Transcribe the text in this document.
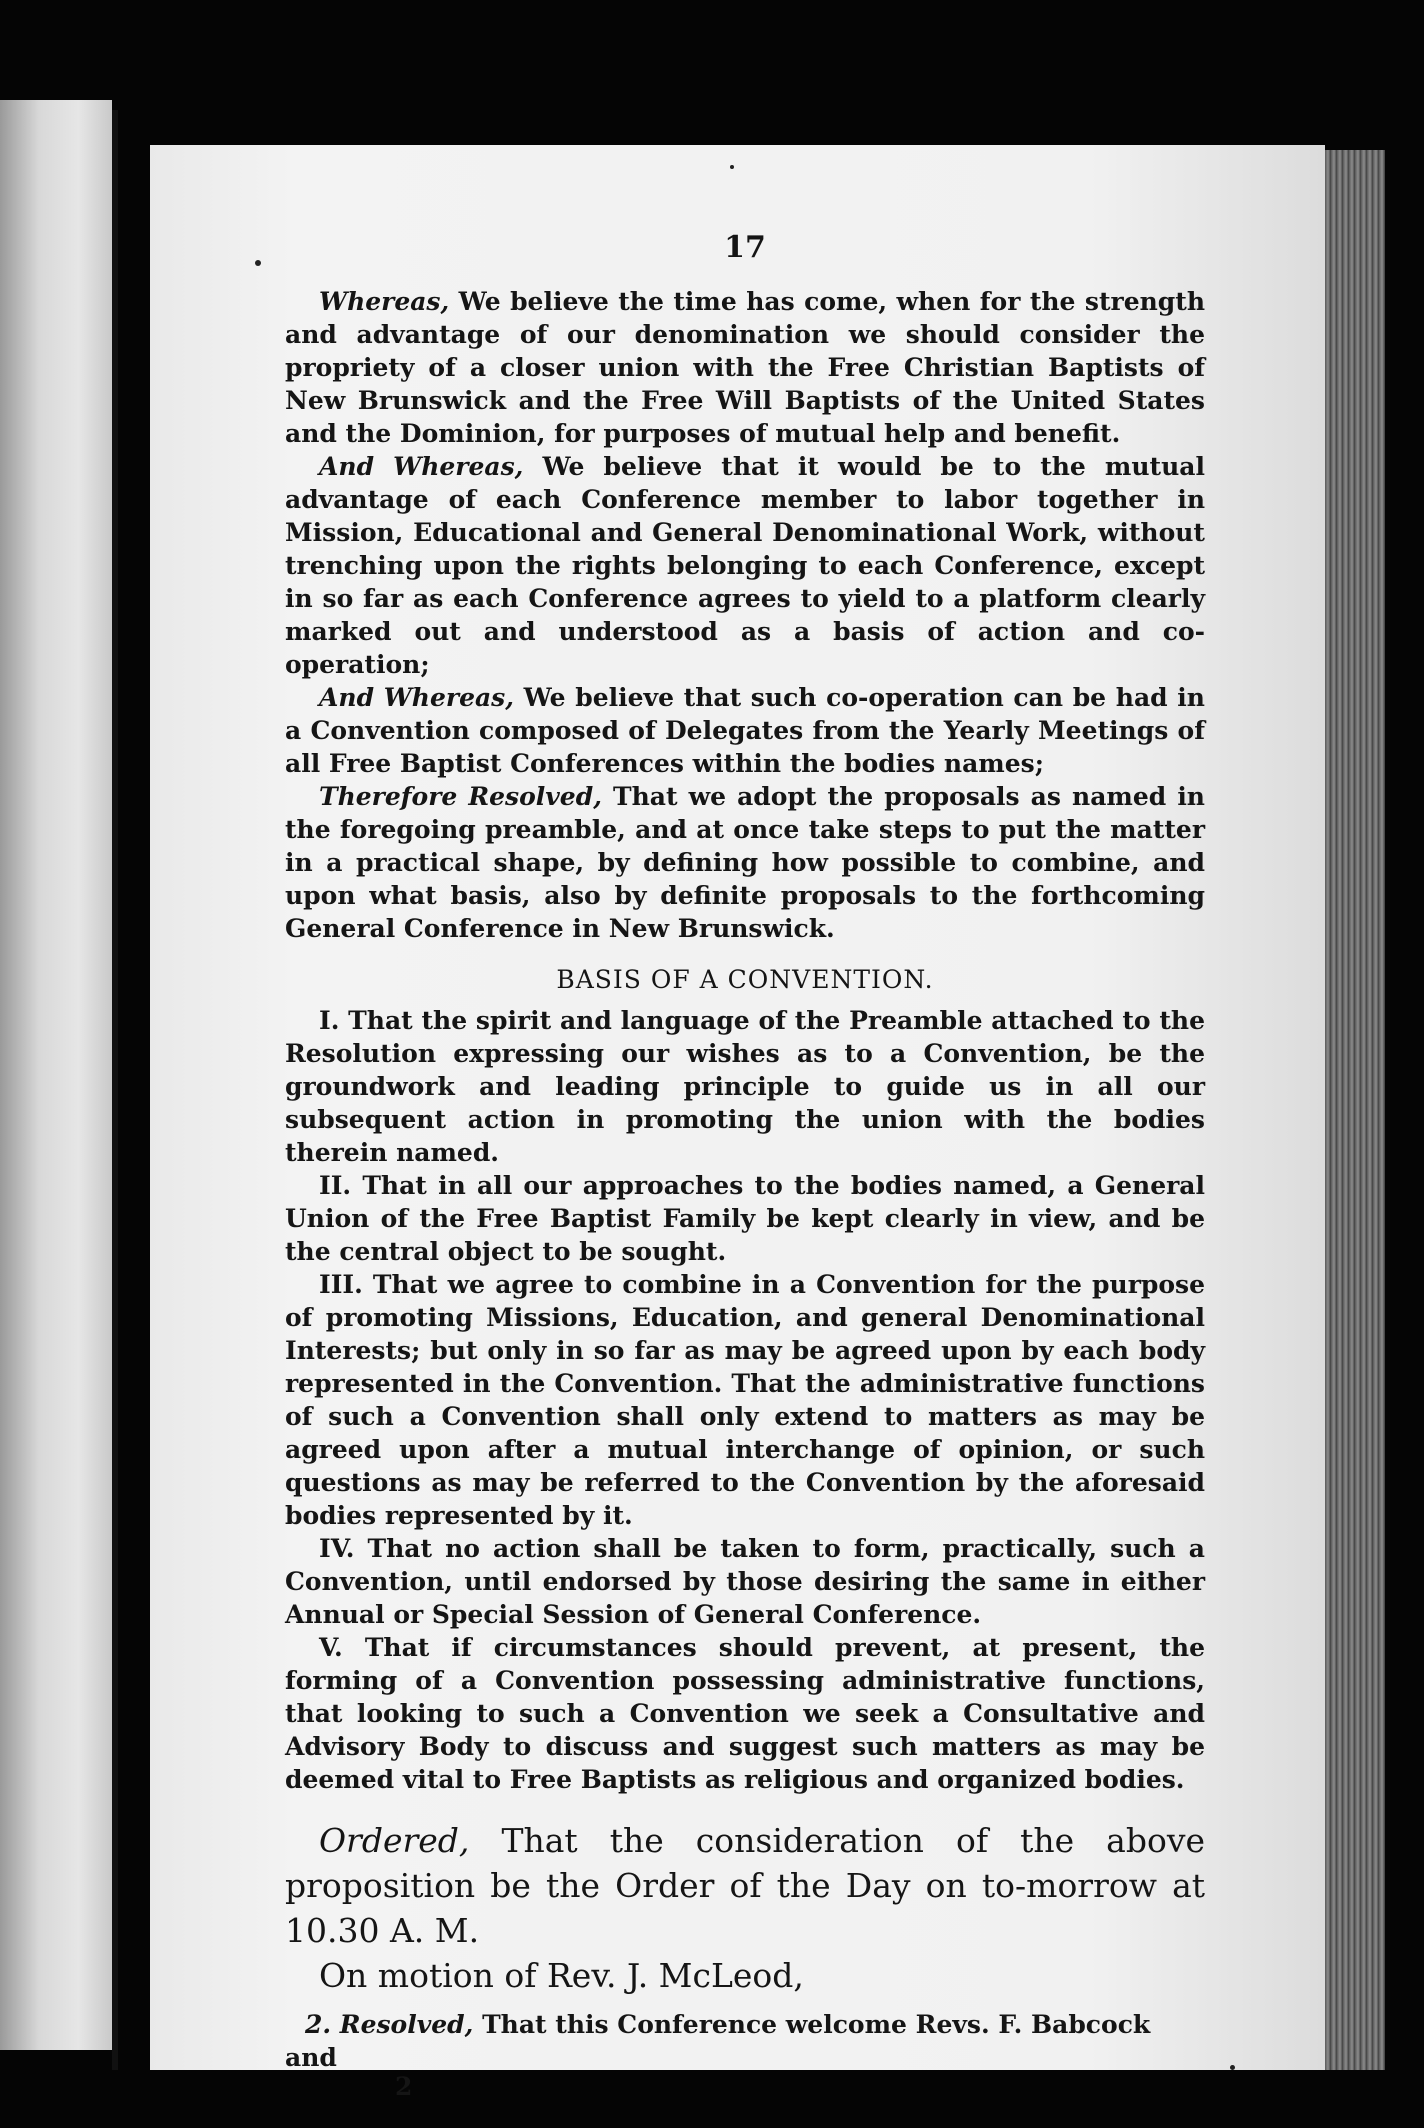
17

Whereas, We believe the time has come, when for the strength and advantage of our denomination we should consider the propriety of a closer union with the Free Christian Baptists of New Brunswick and the Free Will Baptists of the United States and the Dominion, for purposes of mutual help and benefit.

And Whereas, We believe that it would be to the mutual advantage of each Conference member to labor together in Mission, Educational and General Denominational Work, without trenching upon the rights belonging to each Conference, except in so far as each Conference agrees to yield to a platform clearly marked out and understood as a basis of action and co-operation;

And Whereas, We believe that such co-operation can be had in a Convention composed of Delegates from the Yearly Meetings of all Free Baptist Conferences within the bodies names;

Therefore Resolved, That we adopt the proposals as named in the foregoing preamble, and at once take steps to put the matter in a practical shape, by defining how possible to combine, and upon what basis, also by definite proposals to the forthcoming General Conference in New Brunswick.

BASIS OF A CONVENTION.

I. That the spirit and language of the Preamble attached to the Resolution expressing our wishes as to a Convention, be the groundwork and leading principle to guide us in all our subsequent action in promoting the union with the bodies therein named.

II. That in all our approaches to the bodies named, a General Union of the Free Baptist Family be kept clearly in view, and be the central object to be sought.

III. That we agree to combine in a Convention for the purpose of promoting Missions, Education, and general Denominational Interests; but only in so far as may be agreed upon by each body represented in the Convention. That the administrative functions of such a Convention shall only extend to matters as may be agreed upon after a mutual interchange of opinion, or such questions as may be referred to the Convention by the aforesaid bodies represented by it.

IV. That no action shall be taken to form, practically, such a Convention, until endorsed by those desiring the same in either Annual or Special Session of General Conference.

V. That if circumstances should prevent, at present, the forming of a Convention possessing administrative functions, that looking to such a Convention we seek a Consultative and Advisory Body to discuss and suggest such matters as may be deemed vital to Free Baptists as religious and organized bodies.

Ordered, That the consideration of the above proposition be the Order of the Day on to-morrow at 10.30 A. M.

On motion of Rev. J. McLeod,

2. Resolved, That this Conference welcome Revs. F. Babcock and

2
